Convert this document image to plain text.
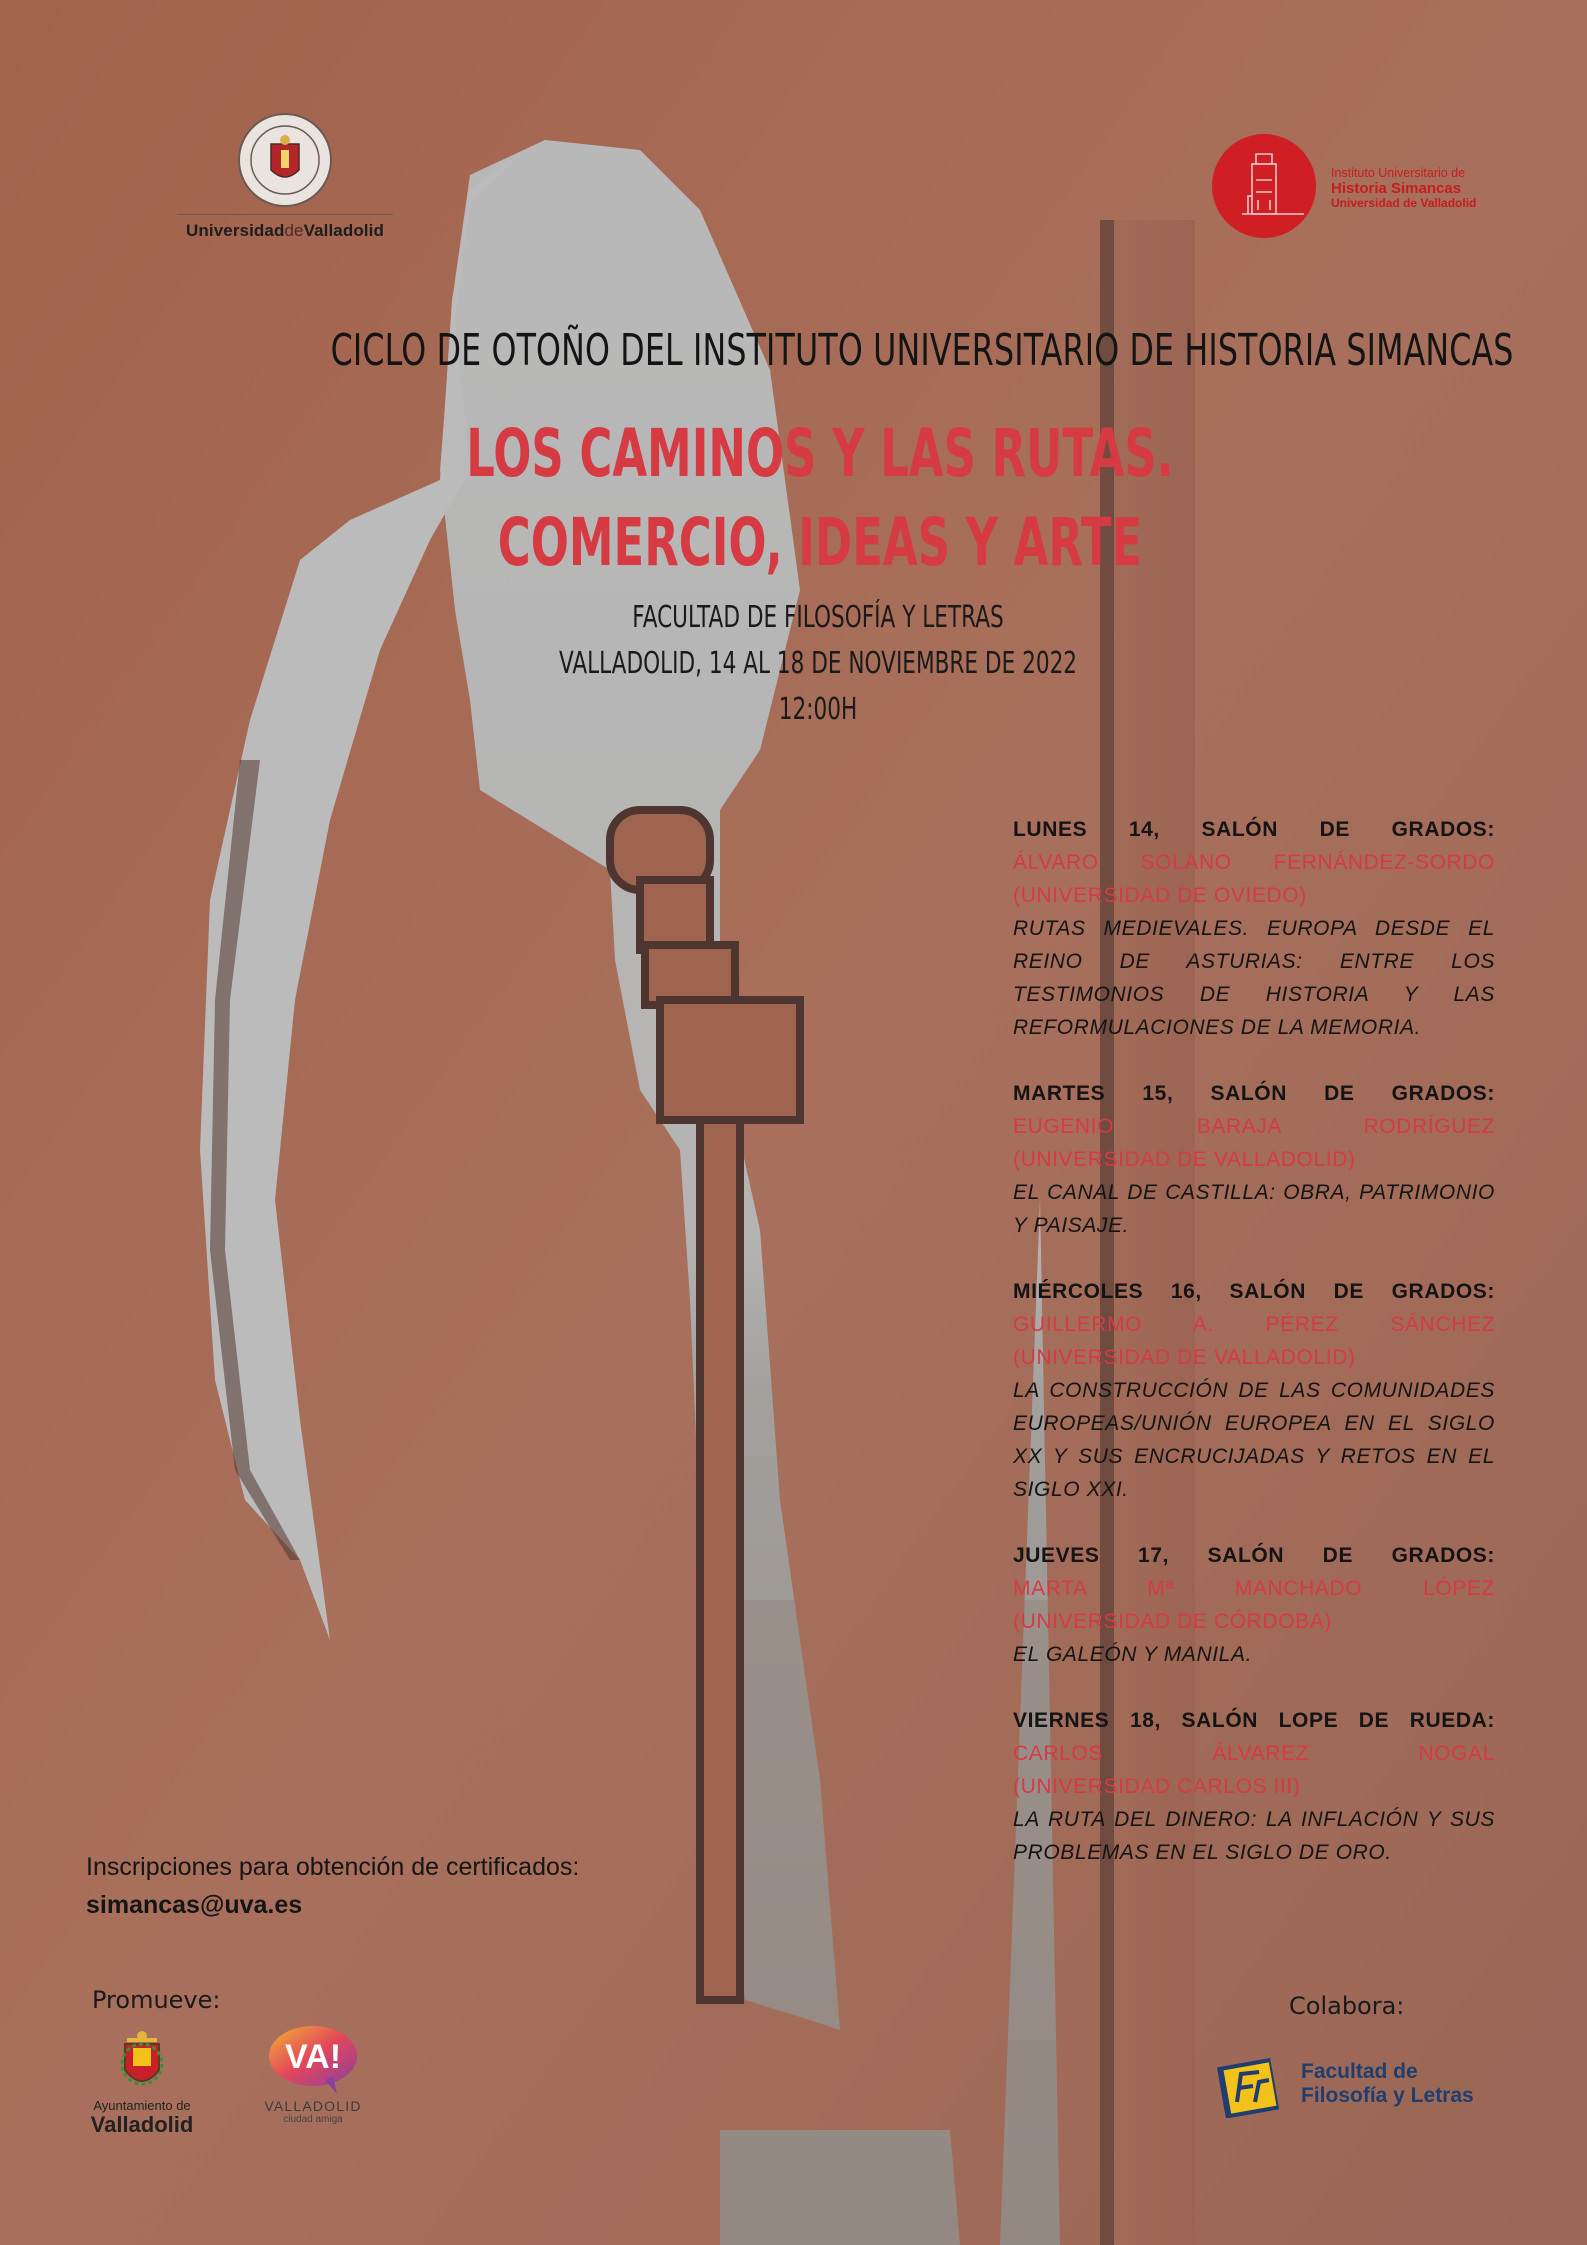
UniversidaddeValladolid
Instituto Universitario de
Historia Simancas
Universidad de Valladolid
CICLO DE OTOÑO DEL INSTITUTO UNIVERSITARIO DE HISTORIA SIMANCAS
LOS CAMINOS Y LAS RUTAS.
COMERCIO, IDEAS Y ARTE
FACULTAD DE FILOSOFÍA Y LETRAS
VALLADOLID, 14 AL 18 DE NOVIEMBRE DE 2022
12:00H
LUNES 14, SALÓN DE GRADOS:
ÁLVARO SOLANO FERNÁNDEZ-SORDO
(UNIVERSIDAD DE OVIEDO)
RUTAS MEDIEVALES. EUROPA DESDE EL REINO DE ASTURIAS: ENTRE LOS TESTIMONIOS DE HISTORIA Y LAS REFORMULACIONES DE LA MEMORIA.
MARTES 15, SALÓN DE GRADOS:
EUGENIO BARAJA RODRÍGUEZ
(UNIVERSIDAD DE VALLADOLID)
EL CANAL DE CASTILLA: OBRA, PATRIMONIO Y PAISAJE.
MIÉRCOLES 16, SALÓN DE GRADOS:
GUILLERMO A. PÉREZ SÁNCHEZ
(UNIVERSIDAD DE VALLADOLID)
LA CONSTRUCCIÓN DE LAS COMUNIDADES EUROPEAS/UNIÓN EUROPEA EN EL SIGLO XX Y SUS ENCRUCIJADAS Y RETOS EN EL SIGLO XXI.
JUEVES 17, SALÓN DE GRADOS:
MARTA Mª MANCHADO LÓPEZ
(UNIVERSIDAD DE CÓRDOBA)
EL GALEÓN Y MANILA.
VIERNES 18, SALÓN LOPE DE RUEDA:
CARLOS ÁLVAREZ NOGAL
(UNIVERSIDAD CARLOS III)
LA RUTA DEL DINERO: LA INFLACIÓN Y SUS PROBLEMAS EN EL SIGLO DE ORO.
Inscripciones para obtención de certificados:
simancas@uva.es
Promueve:	Colabora:
Ayuntamiento de
Valladolid
VA!
VALLADOLID
ciudad amiga
Facultad de
Filosofía y Letras
